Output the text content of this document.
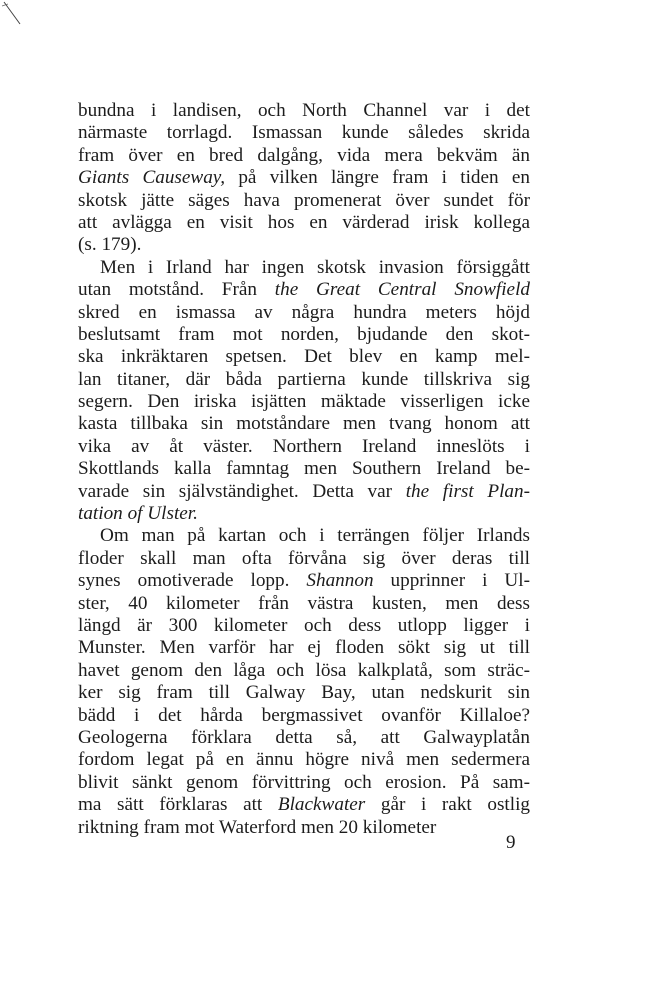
bundna i landisen, och North Channel var i det
närmaste torrlagd. Ismassan kunde således skrida
fram över en bred dalgång, vida mera bekväm än
Giants Causeway, på vilken längre fram i tiden en
skotsk jätte säges hava promenerat över sundet för
att avlägga en visit hos en värderad irisk kollega
(s. 179).
Men i Irland har ingen skotsk invasion försiggått
utan motstånd. Från the Great Central Snowfield
skred en ismassa av några hundra meters höjd
beslutsamt fram mot norden, bjudande den skot-
ska inkräktaren spetsen. Det blev en kamp mel-
lan titaner, där båda partierna kunde tillskriva sig
segern. Den iriska isjätten mäktade visserligen icke
kasta tillbaka sin motståndare men tvang honom att
vika av åt väster. Northern Ireland inneslöts i
Skottlands kalla famntag men Southern Ireland be-
varade sin självständighet. Detta var the first Plan-
tation of Ulster.
Om man på kartan och i terrängen följer Irlands
floder skall man ofta förvåna sig över deras till
synes omotiverade lopp. Shannon upprinner i Ul-
ster, 40 kilometer från västra kusten, men dess
längd är 300 kilometer och dess utlopp ligger i
Munster. Men varför har ej floden sökt sig ut till
havet genom den låga och lösa kalkplatå, som sträc-
ker sig fram till Galway Bay, utan nedskurit sin
bädd i det hårda bergmassivet ovanför Killaloe?
Geologerna förklara detta så, att Galwayplatån
fordom legat på en ännu högre nivå men sedermera
blivit sänkt genom förvittring och erosion. På sam-
ma sätt förklaras att Blackwater går i rakt ostlig
riktning fram mot Waterford men 20 kilometer
9
